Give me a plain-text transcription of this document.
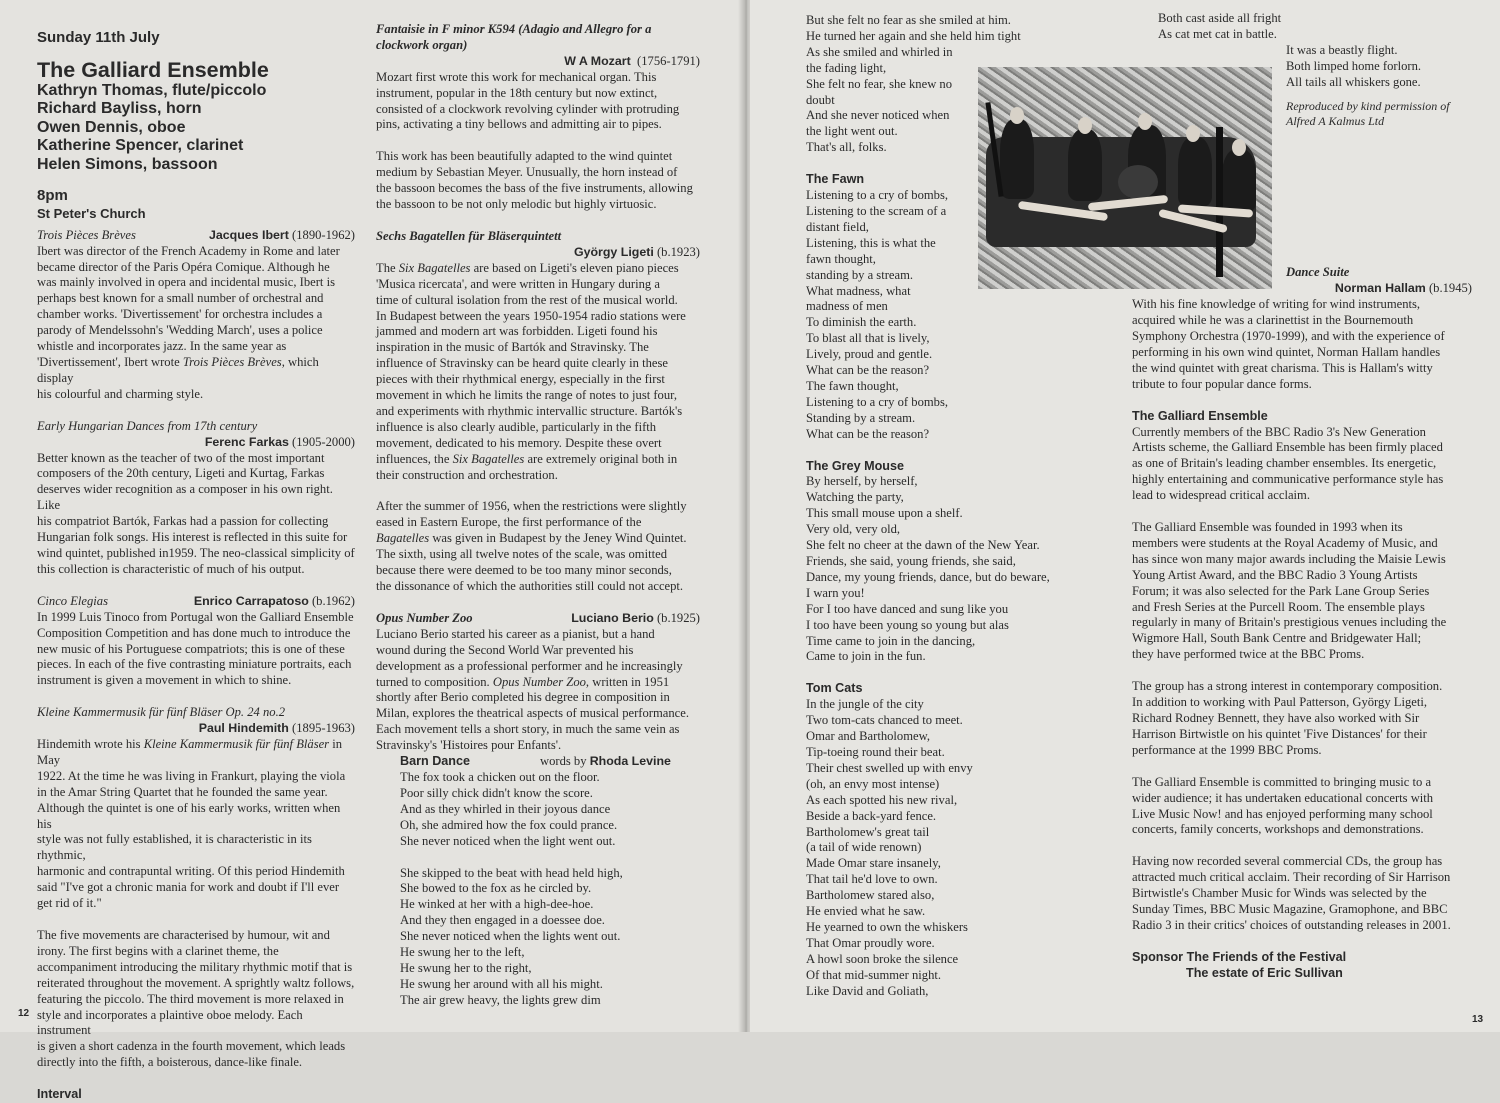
Sunday 11th July
The Galliard Ensemble
Kathryn Thomas, flute/piccolo
Richard Bayliss, horn
Owen Dennis, oboe
Katherine Spencer, clarinet
Helen Simons, bassoon
8pm
St Peter's Church
Trois Pièces Brèves	Jacques Ibert (1890-1962)

Ibert was director of the French Academy in Rome and later

became director of the Paris Opéra Comique. Although he

was mainly involved in opera and incidental music, Ibert is

perhaps best known for a small number of orchestral and

chamber works. 'Divertissement' for orchestra includes a

parody of Mendelssohn's 'Wedding March', uses a police

whistle and incorporates jazz. In the same year as

'Divertissement', Ibert wrote Trois Pièces Brèves, which display

his colourful and charming style.

Early Hungarian Dances from 17th century

Ferenc Farkas (1905-2000)

Better known as the teacher of two of the most important

composers of the 20th century, Ligeti and Kurtag, Farkas

deserves wider recognition as a composer in his own right. Like

his compatriot Bartók, Farkas had a passion for collecting

Hungarian folk songs. His interest is reflected in this suite for

wind quintet, published in1959. The neo-classical simplicity of

this collection is characteristic of much of his output.

Cinco Elegias	Enrico Carrapatoso (b.1962)

In 1999 Luis Tinoco from Portugal won the Galliard Ensemble

Composition Competition and has done much to introduce the

new music of his Portuguese compatriots; this is one of these

pieces. In each of the five contrasting miniature portraits, each

instrument is given a movement in which to shine.

Kleine Kammermusik für fünf Bläser Op. 24 no.2

Paul Hindemith (1895-1963)

Hindemith wrote his Kleine Kammermusik für fünf Bläser in May

1922. At the time he was living in Frankurt, playing the viola

in the Amar String Quartet that he founded the same year.

Although the quintet is one of his early works, written when his

style was not fully established, it is characteristic in its rhythmic,

harmonic and contrapuntal writing. Of this period Hindemith

said "I've got a chronic mania for work and doubt if I'll ever

get rid of it."

The five movements are characterised by humour, wit and

irony. The first begins with a clarinet theme, the

accompaniment introducing the military rhythmic motif that is

reiterated throughout the movement. A sprightly waltz follows,

featuring the piccolo. The third movement is more relaxed in

style and incorporates a plaintive oboe melody. Each instrument

is given a short cadenza in the fourth movement, which leads

directly into the fifth, a boisterous, dance-like finale.

Interval

Fantaisie in F minor K594 (Adagio and Allegro for a

clockwork organ)

W A Mozart (1756-1791)

Mozart first wrote this work for mechanical organ. This

instrument, popular in the 18th century but now extinct,

consisted of a clockwork revolving cylinder with protruding

pins, activating a tiny bellows and admitting air to pipes.

This work has been beautifully adapted to the wind quintet

medium by Sebastian Meyer. Unusually, the horn instead of

the bassoon becomes the bass of the five instruments, allowing

the bassoon to be not only melodic but highly virtuosic.

Sechs Bagatellen für Bläserquintett

György Ligeti (b.1923)

The Six Bagatelles are based on Ligeti's eleven piano pieces

'Musica ricercata', and were written in Hungary during a

time of cultural isolation from the rest of the musical world.

In Budapest between the years 1950-1954 radio stations were

jammed and modern art was forbidden. Ligeti found his

inspiration in the music of Bartók and Stravinsky. The

influence of Stravinsky can be heard quite clearly in these

pieces with their rhythmical energy, especially in the first

movement in which he limits the range of notes to just four,

and experiments with rhythmic intervallic structure. Bartók's

influence is also clearly audible, particularly in the fifth

movement, dedicated to his memory. Despite these overt

influences, the Six Bagatelles are extremely original both in

their construction and orchestration.

After the summer of 1956, when the restrictions were slightly

eased in Eastern Europe, the first performance of the

Bagatelles was given in Budapest by the Jeney Wind Quintet.

The sixth, using all twelve notes of the scale, was omitted

because there were deemed to be too many minor seconds,

the dissonance of which the authorities still could not accept.

Opus Number Zoo	Luciano Berio (b.1925)

Luciano Berio started his career as a pianist, but a hand

wound during the Second World War prevented his

development as a professional performer and he increasingly

turned to composition. Opus Number Zoo, written in 1951

shortly after Berio completed his degree in composition in

Milan, explores the theatrical aspects of musical performance.

Each movement tells a short story, in much the same vein as

Stravinsky's 'Histoires pour Enfants'.

Barn Dance	words by Rhoda Levine

The fox took a chicken out on the floor.

Poor silly chick didn't know the score.

And as they whirled in their joyous dance

Oh, she admired how the fox could prance.

She never noticed when the light went out.

She skipped to the beat with head held high,

She bowed to the fox as he circled by.

He winked at her with a high-dee-hoe.

And they then engaged in a doessee doe.

She never noticed when the lights went out.

He swung her to the left,

He swung her to the right,

He swung her around with all his might.

The air grew heavy, the lights grew dim

12

But she felt no fear as she smiled at him.

He turned her again and she held him tight

As she smiled and whirled in

the fading light,

She felt no fear, she knew no

doubt

And she never noticed when

the light went out.

That's all, folks.

The Fawn

Listening to a cry of bombs,

Listening to the scream of a

distant field,

Listening, this is what the

fawn thought,

standing by a stream.

What madness, what

madness of men

To diminish the earth.

To blast all that is lively,

Lively, proud and gentle.

What can be the reason?

The fawn thought,

Listening to a cry of bombs,

Standing by a stream.

What can be the reason?

The Grey Mouse

By herself, by herself,

Watching the party,

This small mouse upon a shelf.

Very old, very old,

She felt no cheer at the dawn of the New Year.

Friends, she said, young friends, she said,

Dance, my young friends, dance, but do beware,

I warn you!

For I too have danced and sung like you

I too have been young so young but alas

Time came to join in the dancing,

Came to join in the fun.

Tom Cats

In the jungle of the city

Two tom-cats chanced to meet.

Omar and Bartholomew,

Tip-toeing round their beat.

Their chest swelled up with envy

(oh, an envy most intense)

As each spotted his new rival,

Beside a back-yard fence.

Bartholomew's great tail

(a tail of wide renown)

Made Omar stare insanely,

That tail he'd love to own.

Bartholomew stared also,

He envied what he saw.

He yearned to own the whiskers

That Omar proudly wore.

A howl soon broke the silence

Of that mid-summer night.

Like David and Goliath,

Both cast aside all fright

As cat met cat in battle.

It was a beastly flight.

Both limped home forlorn.

All tails all whiskers gone.

Reproduced by kind permission of

Alfred A Kalmus Ltd

Dance Suite

Norman Hallam (b.1945)

With his fine knowledge of writing for wind instruments,

acquired while he was a clarinettist in the Bournemouth

Symphony Orchestra (1970-1999), and with the experience of

performing in his own wind quintet, Norman Hallam handles

the wind quintet with great charisma. This is Hallam's witty

tribute to four popular dance forms.

The Galliard Ensemble

Currently members of the BBC Radio 3's New Generation

Artists scheme, the Galliard Ensemble has been firmly placed

as one of Britain's leading chamber ensembles. Its energetic,

highly entertaining and communicative performance style has

lead to widespread critical acclaim.

The Galliard Ensemble was founded in 1993 when its

members were students at the Royal Academy of Music, and

has since won many major awards including the Maisie Lewis

Young Artist Award, and the BBC Radio 3 Young Artists

Forum; it was also selected for the Park Lane Group Series

and Fresh Series at the Purcell Room. The ensemble plays

regularly in many of Britain's prestigious venues including the

Wigmore Hall, South Bank Centre and Bridgewater Hall;

they have performed twice at the BBC Proms.

The group has a strong interest in contemporary composition.

In addition to working with Paul Patterson, György Ligeti,

Richard Rodney Bennett, they have also worked with Sir

Harrison Birtwistle on his quintet 'Five Distances' for their

performance at the 1999 BBC Proms.

The Galliard Ensemble is committed to bringing music to a

wider audience; it has undertaken educational concerts with

Live Music Now! and has enjoyed performing many school

concerts, family concerts, workshops and demonstrations.

Having now recorded several commercial CDs, the group has

attracted much critical acclaim. Their recording of Sir Harrison

Birtwistle's Chamber Music for Winds was selected by the

Sunday Times, BBC Music Magazine, Gramophone, and BBC

Radio 3 in their critics' choices of outstanding releases in 2001.

Sponsor The Friends of the Festival

The estate of Eric Sullivan

13
